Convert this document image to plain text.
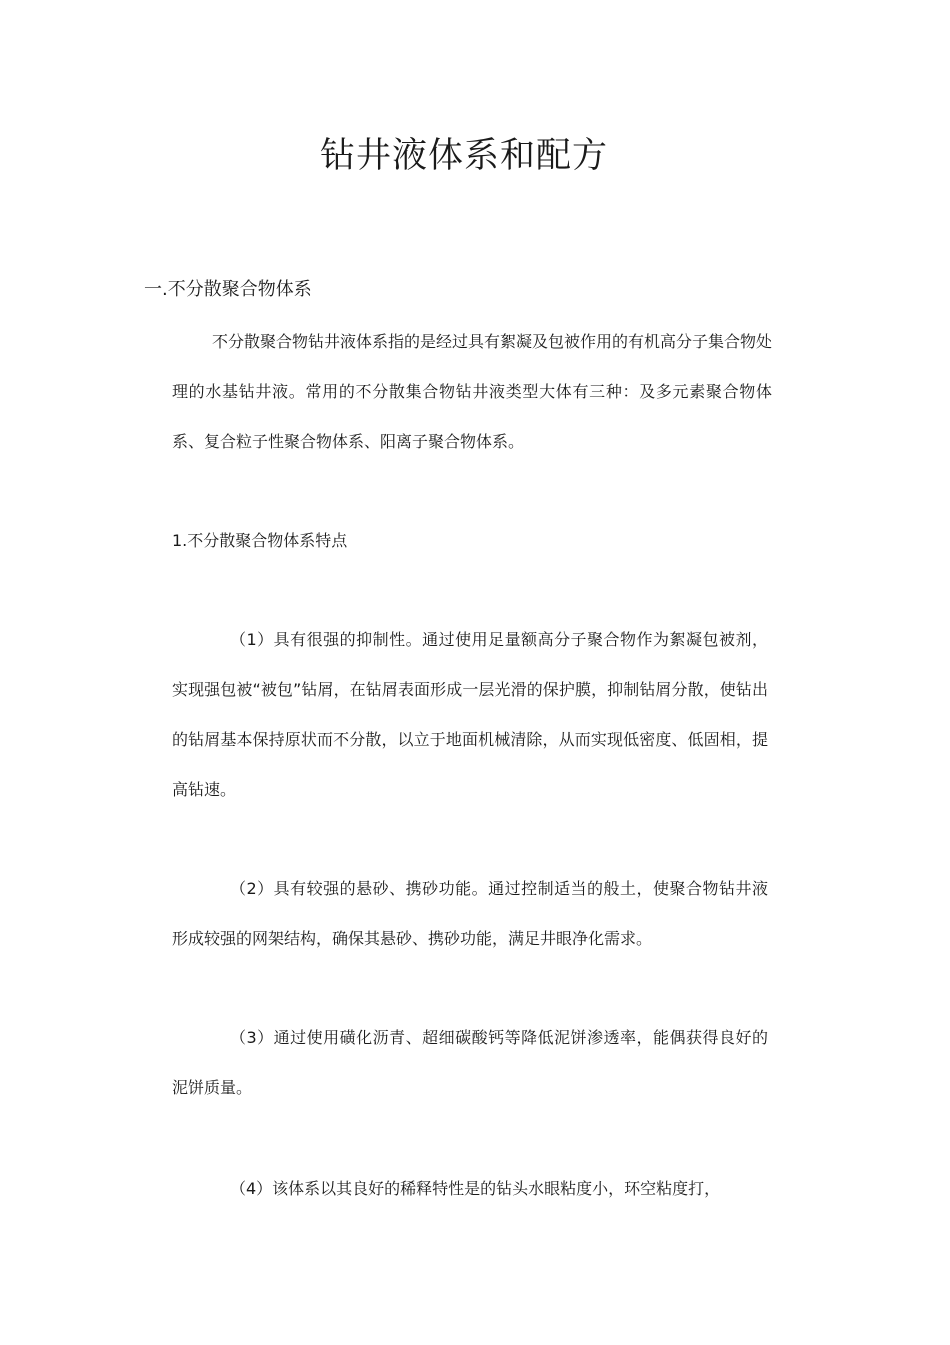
钻井液体系和配方
一.不分散聚合物体系

不分散聚合物钻井液体系指的是经过具有絮凝及包被作用的有机高分子集合物处理的水基钻井液。常用的不分散集合物钻井液类型大体有三种：及多元素聚合物体系、复合粒子性聚合物体系、阳离子聚合物体系。

1.不分散聚合物体系特点

（1）具有很强的抑制性。通过使用足量额高分子聚合物作为絮凝包被剂，实现强包被“被包”钻屑，在钻屑表面形成一层光滑的保护膜，抑制钻屑分散，使钻出的钻屑基本保持原状而不分散，以立于地面机械清除，从而实现低密度、低固相，提高钻速。

（2）具有较强的悬砂、携砂功能。通过控制适当的般土，使聚合物钻井液形成较强的网架结构，确保其悬砂、携砂功能，满足井眼净化需求。

（3）通过使用磺化沥青、超细碳酸钙等降低泥饼渗透率，能偶获得良好的泥饼质量。

（4）该体系以其良好的稀释特性是的钻头水眼粘度小，环空粘度打，
